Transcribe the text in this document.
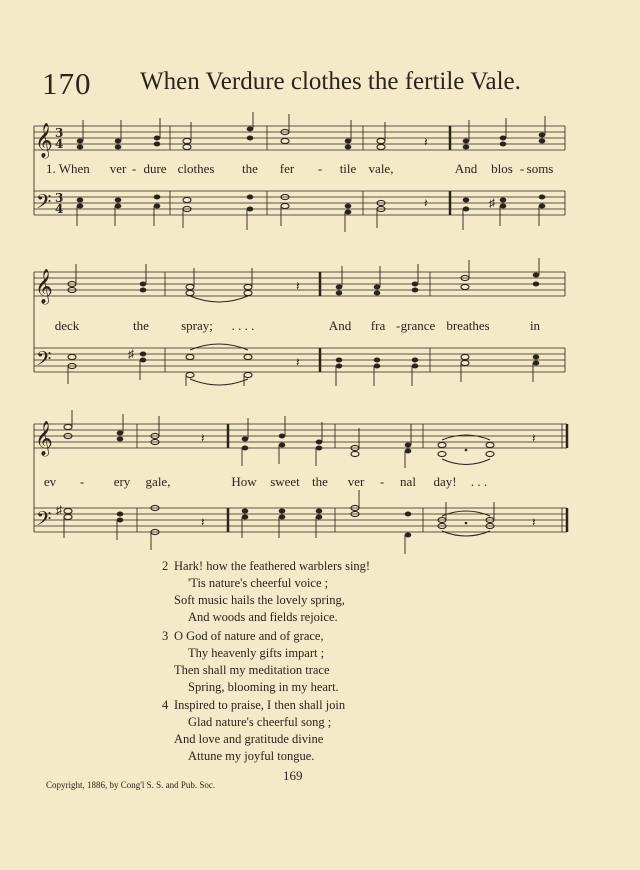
170 When Verdure clothes the fertile Vale.
𝄞
𝄢
3
4
3
4
𝄽
𝄽	♯
1. When ver - dure clothes the fer - tile vale,	And blos - soms
𝄞
𝄢
𝄽
𝄽
♯
deck	the spray; . . . .	And fra - grance breathes	in
𝄞
𝄢
𝄽
𝄽
𝄽
𝄽
♯
ev - ery gale,	How sweet the ver - nal day! . . .
2 Hark! how the feathered warblers sing!
'Tis nature's cheerful voice ;
Soft music hails the lovely spring,
And woods and fields rejoice.
3 O God of nature and of grace,
Thy heavenly gifts impart ;
Then shall my meditation trace
Spring, blooming in my heart.
4 Inspired to praise, I then shall join
Glad nature's cheerful song ;
And love and gratitude divine
Attune my joyful tongue.
169
Copyright, 1886, by Cong'l S. S. and Pub. Soc.
